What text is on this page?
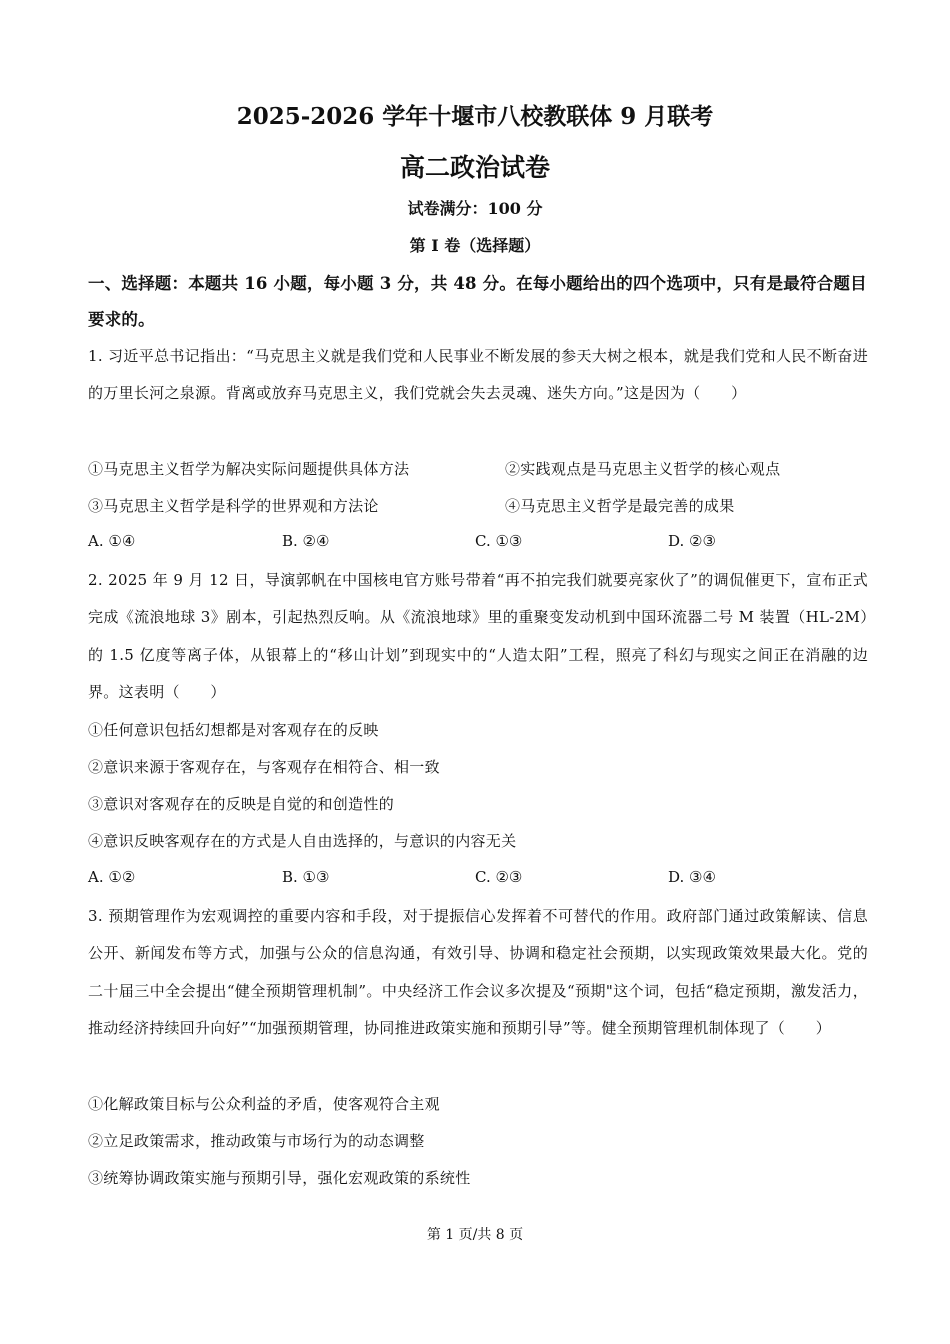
2025-2026 学年十堰市八校教联体 9 月联考
高二政治试卷
试卷满分：100 分
第 I 卷（选择题）
一、选择题：本题共 16 小题，每小题 3 分，共 48 分。在每小题给出的四个选项中，只有是最符合题目要求的。
1. 习近平总书记指出：“马克思主义就是我们党和人民事业不断发展的参天大树之根本，就是我们党和人民不断奋进的万里长河之泉源。背离或放弃马克思主义，我们党就会失去灵魂、迷失方向。”这是因为（　　）
①马克思主义哲学为解决实际问题提供具体方法	②实践观点是马克思主义哲学的核心观点
③马克思主义哲学是科学的世界观和方法论	④马克思主义哲学是最完善的成果
A. ①④	B. ②④	C. ①③	D. ②③
2. 2025 年 9 月 12 日，导演郭帆在中国核电官方账号带着“再不拍完我们就要亮家伙了”的调侃催更下，宣布正式完成《流浪地球 3》剧本，引起热烈反响。从《流浪地球》里的重聚变发动机到中国环流器二号 M 装置（HL-2M）的 1.5 亿度等离子体，从银幕上的“移山计划”到现实中的“人造太阳”工程，照亮了科幻与现实之间正在消融的边界。这表明（　　）
①任何意识包括幻想都是对客观存在的反映
②意识来源于客观存在，与客观存在相符合、相一致
③意识对客观存在的反映是自觉的和创造性的
④意识反映客观存在的方式是人自由选择的，与意识的内容无关
A. ①②	B. ①③	C. ②③	D. ③④
3. 预期管理作为宏观调控的重要内容和手段，对于提振信心发挥着不可替代的作用。政府部门通过政策解读、信息公开、新闻发布等方式，加强与公众的信息沟通，有效引导、协调和稳定社会预期，以实现政策效果最大化。党的二十届三中全会提出“健全预期管理机制”。中央经济工作会议多次提及“预期"这个词，包括“稳定预期，激发活力，推动经济持续回升向好”“加强预期管理，协同推进政策实施和预期引导”等。健全预期管理机制体现了（　　）
①化解政策目标与公众利益的矛盾，使客观符合主观
②立足政策需求，推动政策与市场行为的动态调整
③统筹协调政策实施与预期引导，强化宏观政策的系统性
第 1 页/共 8 页
